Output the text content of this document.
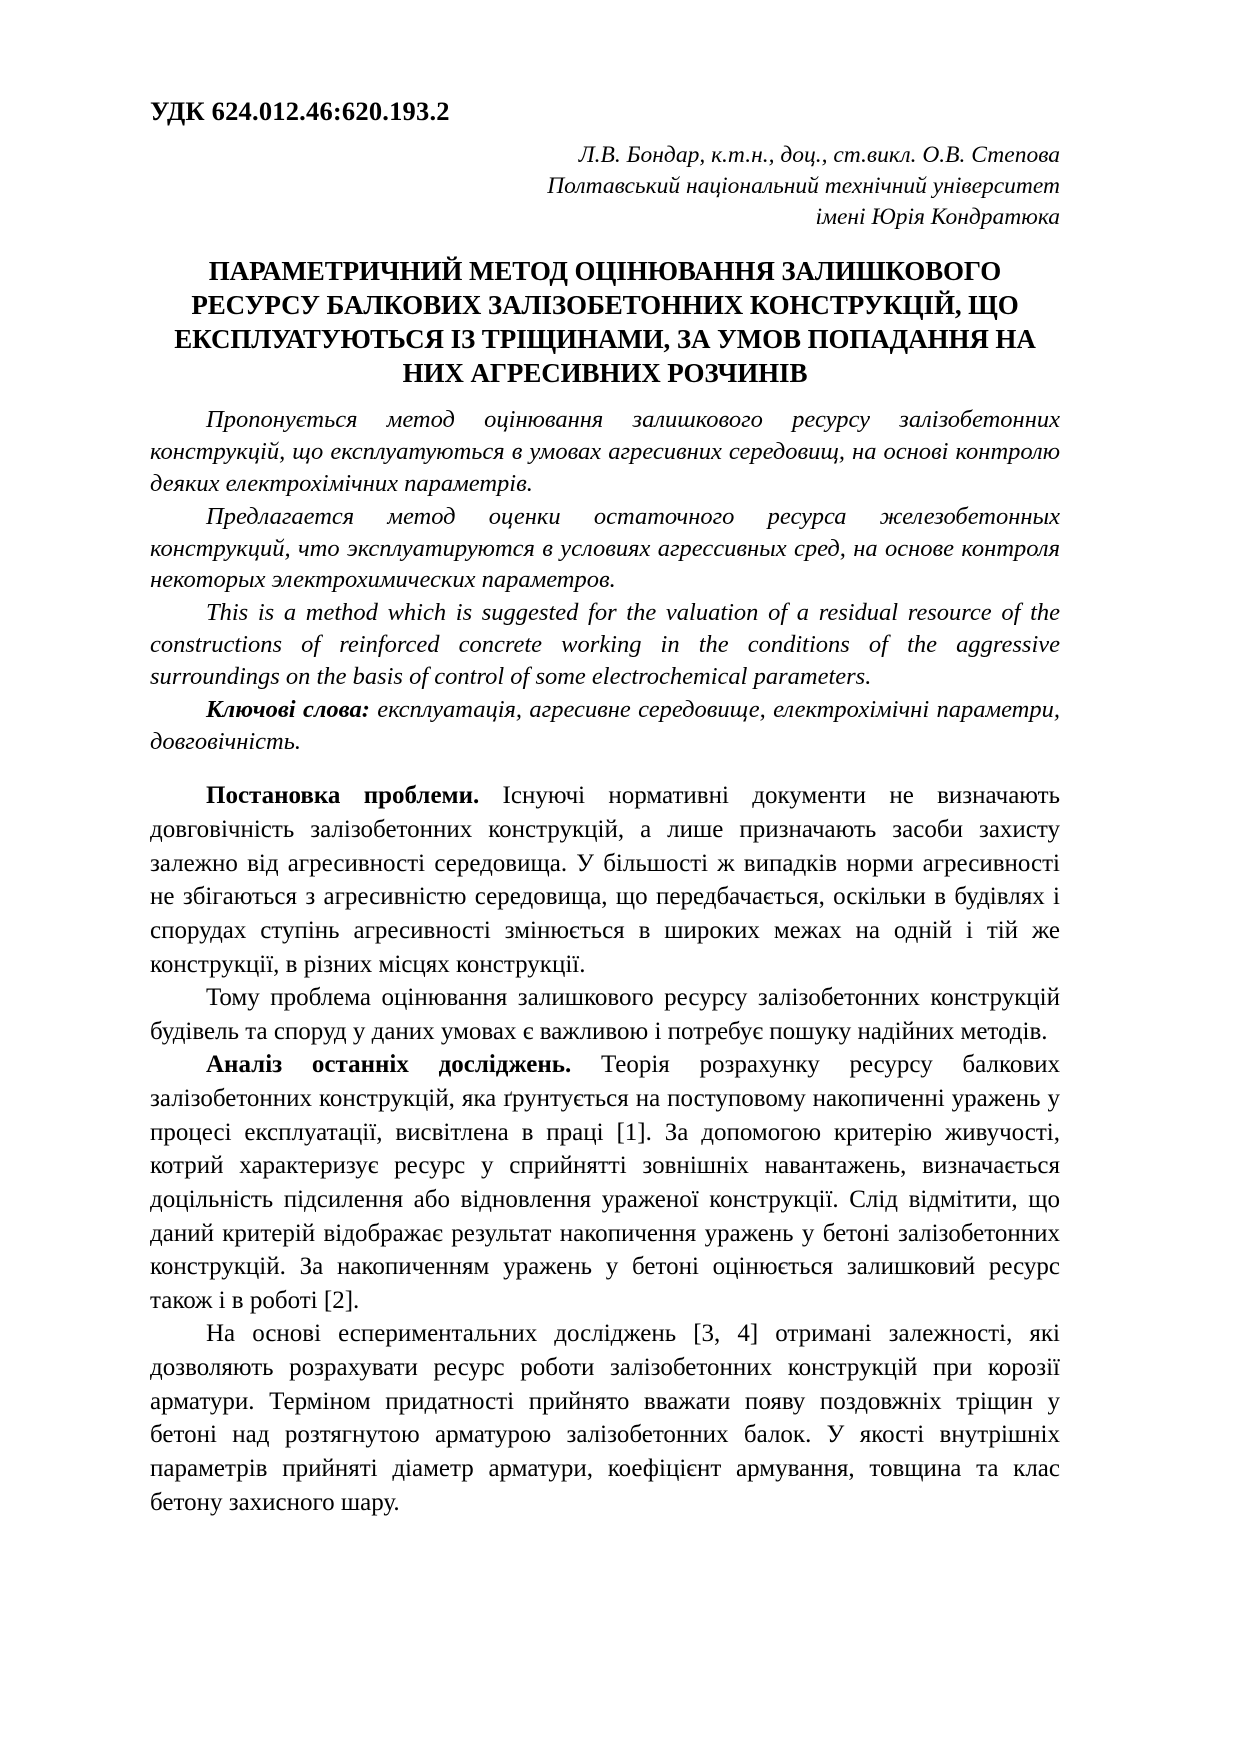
УДК 624.012.46:620.193.2
Л.В. Бондар, к.т.н., доц., ст.викл. О.В. Степова
Полтавський національний технічний університет
імені Юрія Кондратюка
ПАРАМЕТРИЧНИЙ МЕТОД ОЦІНЮВАННЯ ЗАЛИШКОВОГО
РЕСУРСУ БАЛКОВИХ ЗАЛІЗОБЕТОННИХ КОНСТРУКЦІЙ, ЩО
ЕКСПЛУАТУЮТЬСЯ ІЗ ТРІЩИНАМИ, ЗА УМОВ ПОПАДАННЯ НА
НИХ АГРЕСИВНИХ РОЗЧИНІВ

Пропонується метод оцінювання залишкового ресурсу залізобетонних конструкцій, що експлуатуються в умовах агресивних середовищ, на основі контролю деяких електрохімічних параметрів.

Предлагается метод оценки остаточного ресурса железобетонных конструкций, что эксплуатируются в условиях агрессивных сред, на основе контроля некоторых электрохимических параметров.

This is a method which is suggested for the valuation of a residual resource of the constructions of reinforced concrete working in the conditions of the aggressive surroundings on the basis of control of some electrochemical parameters.

Ключові слова: експлуатація, агресивне середовище, електрохімічні параметри, довговічність.

Постановка проблеми. Існуючі нормативні документи не визначають довговічність залізобетонних конструкцій, а лише призначають засоби захисту залежно від агресивності середовища. У більшості ж випадків норми агресивності не збігаються з агресивністю середовища, що передбачається, оскільки в будівлях і спорудах ступінь агресивності змінюється в широких межах на одній і тій же конструкції, в різних місцях конструкції.

Тому проблема оцінювання залишкового ресурсу залізобетонних конструкцій будівель та споруд у даних умовах є важливою і потребує пошуку надійних методів.

Аналіз останніх досліджень. Теорія розрахунку ресурсу балкових залізобетонних конструкцій, яка ґрунтується на поступовому накопиченні уражень у процесі експлуатації, висвітлена в праці [1]. За допомогою критерію живучості, котрий характеризує ресурс у сприйнятті зовнішніх навантажень, визначається доцільність підсилення або відновлення ураженої конструкції. Слід відмітити, що даний критерій відображає результат накопичення уражень у бетоні залізобетонних конструкцій. За накопиченням уражень у бетоні оцінюється залишковий ресурс також і в роботі [2].

На основі еспериментальних досліджень [3, 4] отримані залежності, які дозволяють розрахувати ресурс роботи залізобетонних конструкцій при корозії арматури. Терміном придатності прийнято вважати появу поздовжніх тріщин у бетоні над розтягнутою арматурою залізобетонних балок. У якості внутрішніх параметрів прийняті діаметр арматури, коефіцієнт армування, товщина та клас бетону захисного шару.
